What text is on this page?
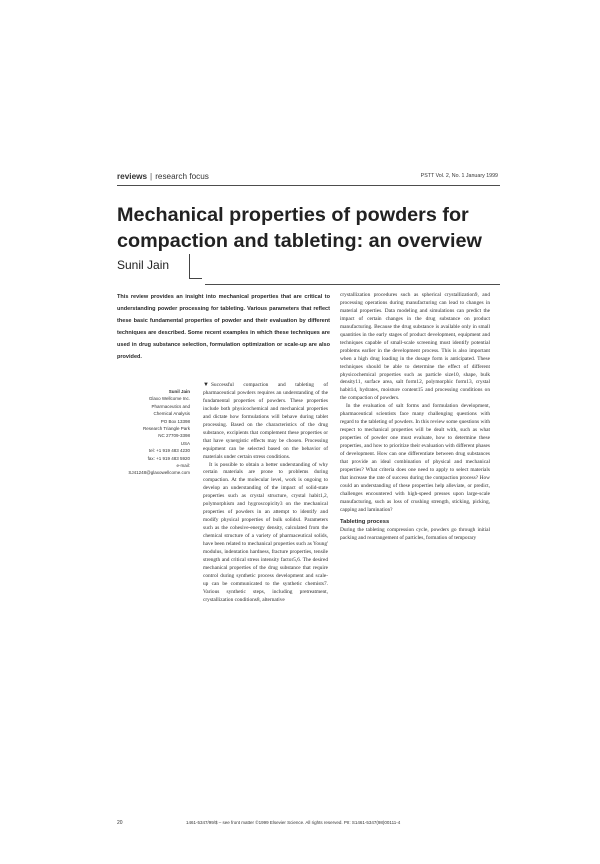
reviews | research focus	PSTT Vol. 2, No. 1 January 1999
Mechanical properties of powders for
compaction and tableting: an overview
Sunil Jain
This review provides an insight into mechanical properties that are critical to understanding powder processing for tableting. Various parameters that reflect these basic fundamental properties of powder and their evaluation by different techniques are described. Some recent examples in which these techniques are used in drug substance selection, formulation optimization or scale-up are also provided.
Sunil Jain
Glaxo Wellcome Inc.
Pharmaceutics and
Chemical Analysis
PO Box 13398
Research Triangle Park
NC 27709-3398
USA
tel: +1 919 483 4230
fax: +1 919 483 5920
e-mail:
SJ41248@glaxowellcome.com

▼ Successful compaction and tableting of pharmaceutical powders requires an understanding of the fundamental properties of powders. These properties include both physicochemical and mechanical properties and dictate how formulations will behave during tablet processing. Based on the characteristics of the drug substance, excipients that complement these properties or that have synergistic effects may be chosen. Processing equipment can be selected based on the behavior of materials under certain stress conditions.

It is possible to obtain a better understanding of why certain materials are prone to problems during compaction. At the molecular level, work is ongoing to develop an understanding of the impact of solid-state properties such as crystal structure, crystal habit1,2, polymorphism and hygroscopicity3 on the mechanical properties of powders in an attempt to identify and modify physical properties of bulk solids4. Parameters such as the cohesive-energy density, calculated from the chemical structure of a variety of pharmaceutical solids, have been related to mechanical properties such as Young' modulus, indentation hardness, fracture properties, tensile strength and critical stress intensity factor5,6. The desired mechanical properties of the drug substance that require control during synthetic process development and scale-up can be communicated to the synthetic chemists7. Various synthetic steps, including pretreatment, crystallization conditions8, alternative

crystallization procedures such as spherical crystallization9, and processing operations during manufacturing can lead to changes in material properties. Data modeling and simulations can predict the impact of certain changes in the drug substance on product manufacturing. Because the drug substance is available only in small quantities in the early stages of product development, equipment and techniques capable of small-scale screening must identify potential problems earlier in the development process. This is also important when a high drug loading in the dosage form is anticipated. These techniques should be able to determine the effect of different physicochemical properties such as particle size10, shape, bulk density11, surface area, salt form12, polymorphic form13, crystal habit14, hydrates, moisture content15 and processing conditions on the compaction of powders.

In the evaluation of salt forms and formulation development, pharmaceutical scientists face many challenging questions with regard to the tableting of powders. In this review some questions with respect to mechanical properties will be dealt with, such as what properties of powder one must evaluate, how to determine these properties, and how to prioritize their evaluation with different phases of development. How can one differentiate between drug substances that provide an ideal combination of physical and mechanical properties? What criteria does one need to apply to select materials that increase the rate of success during the compaction process? How could an understanding of these properties help alleviate, or predict, challenges encountered with high-speed presses upon large-scale manufacturing, such as loss of crushing strength, sticking, picking, capping and lamination?

Tableting process

During the tableting compression cycle, powders go through initial packing and rearrangement of particles, formation of temporary

20	1461-5347/99/$ – see front matter ©1999 Elsevier Science. All rights reserved. PII: S1461-5347(98)00111-4
